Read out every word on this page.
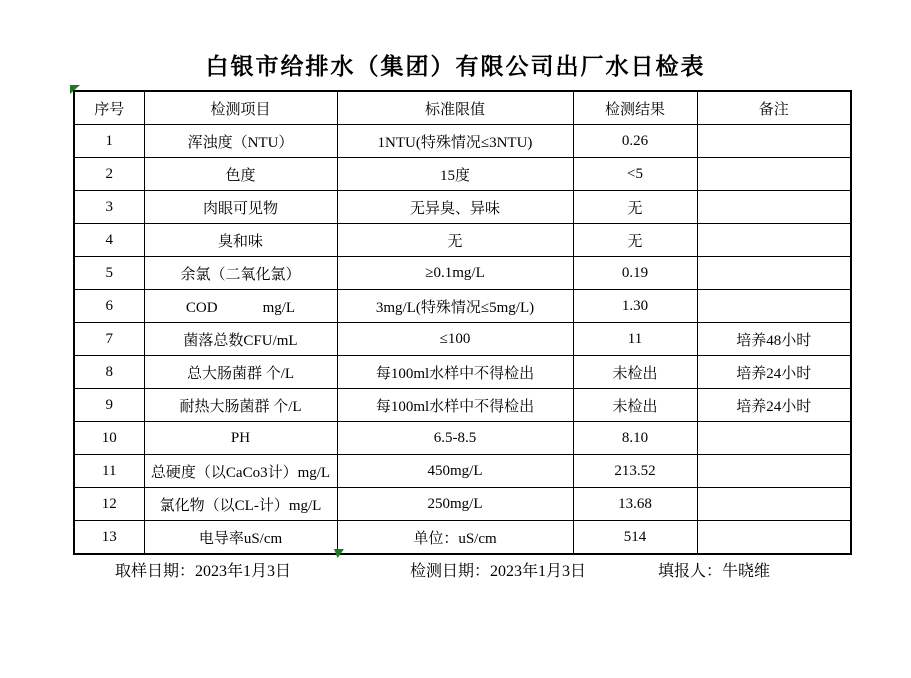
白银市给排水（集团）有限公司出厂水日检表
序号	检测项目	标准限值	检测结果	备注
1	浑浊度（NTU）	1NTU(特殊情况≤3NTU)	0.26	
2	色度	15度	<5	
3	肉眼可见物	无异臭、异味	无	
4	臭和味	无	无	
5	余氯（二氧化氯）	≥0.1mg/L	0.19	
6	COD　　　mg/L	3mg/L(特殊情况≤5mg/L)	1.30	
7	菌落总数CFU/mL	≤100	11	培养48小时
8	总大肠菌群 个/L	每100ml水样中不得检出	未检出	培养24小时
9	耐热大肠菌群 个/L	每100ml水样中不得检出	未检出	培养24小时
10	PH	6.5-8.5	8.10	
11	总硬度（以CaCo3计）mg/L	450mg/L	213.52	
12	氯化物（以CL-计）mg/L	250mg/L	13.68	
13	电导率uS/cm	单位：uS/cm	514	
取样日期：2023年1月3日	检测日期：2023年1月3日	填报人：牛晓维
